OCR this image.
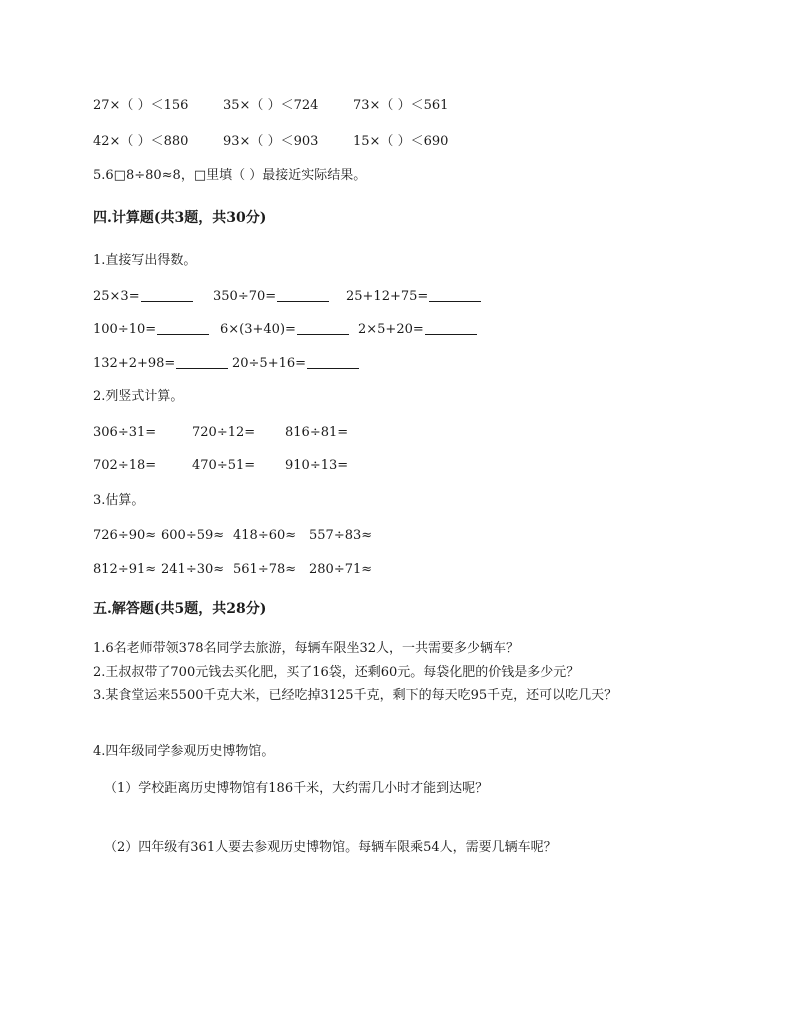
27×（ ）＜156	35×（ ）＜724	73×（ ）＜561
42×（ ）＜880	93×（ ）＜903	15×（ ）＜690
5.6□8÷80≈8，□里填（ ）最接近实际结果。
四.计算题(共3题，共30分)
1.直接写出得数。
25×3=	350÷70=	25+12+75=
100÷10=	6×(3+40)=	2×5+20=
132+2+98=	20÷5+16=
2.列竖式计算。
306÷31=	720÷12= 816÷81=
702÷18=	470÷51= 910÷13=
3.估算。
726÷90≈ 600÷59≈ 418÷60≈ 557÷83≈
812÷91≈ 241÷30≈ 561÷78≈ 280÷71≈
五.解答题(共5题，共28分)
1.6名老师带领378名同学去旅游，每辆车限坐32人，一共需要多少辆车？
2.王叔叔带了700元钱去买化肥，买了16袋，还剩60元。每袋化肥的价钱是多少元？
3.某食堂运来5500千克大米，已经吃掉3125千克，剩下的每天吃95千克，还可以吃几天？
4.四年级同学参观历史博物馆。
（1）学校距离历史博物馆有186千米，大约需几小时才能到达呢？
（2）四年级有361人要去参观历史博物馆。每辆车限乘54人，需要几辆车呢？
